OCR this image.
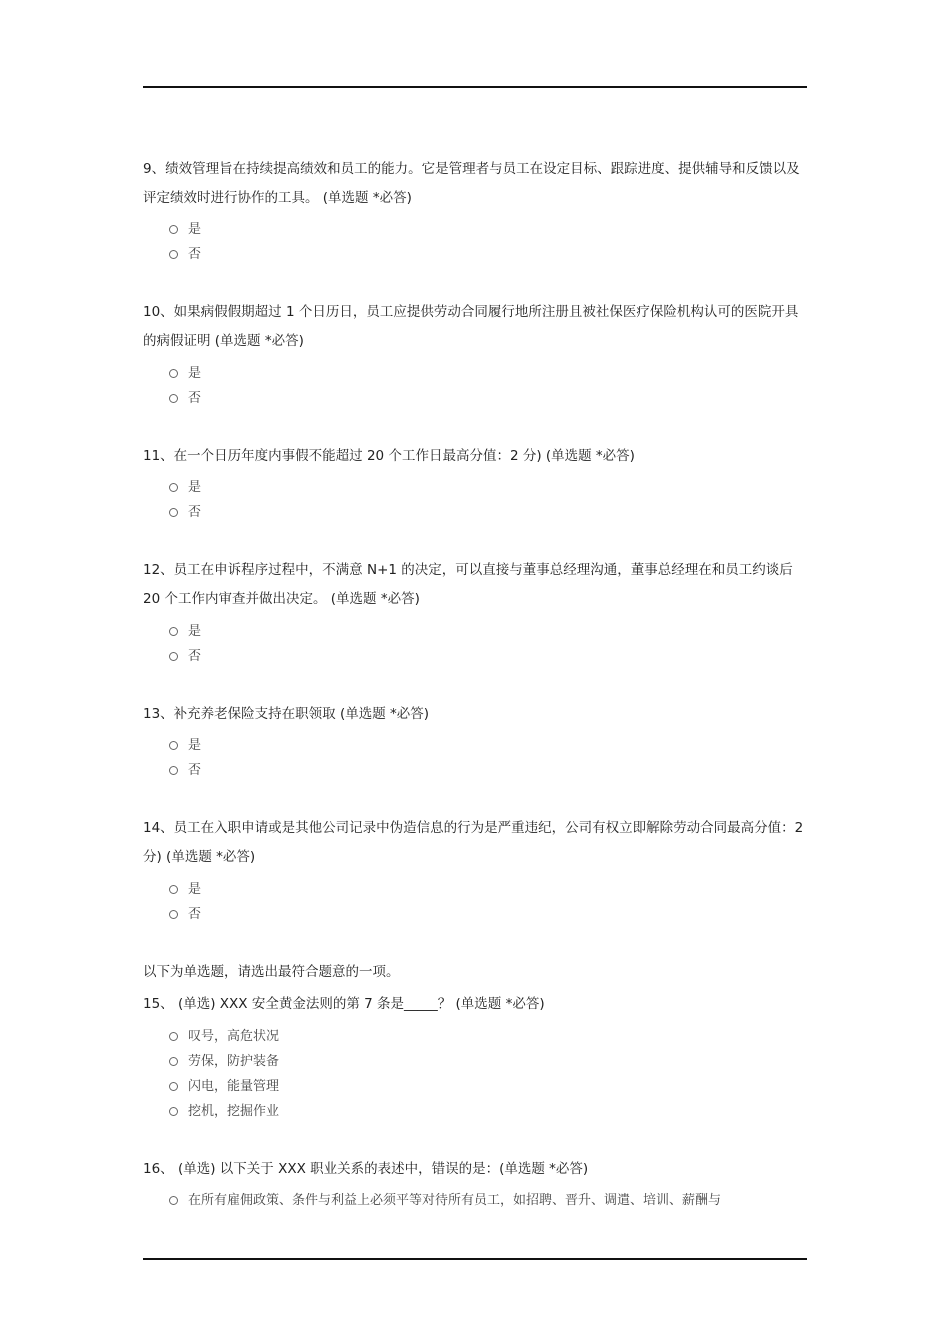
9、绩效管理旨在持续提高绩效和员工的能力。它是管理者与员工在设定目标、跟踪进度、提供辅导和反馈以及评定绩效时进行协作的工具。 (单选题 *必答)
是
否
10、如果病假假期超过 1 个日历日，员工应提供劳动合同履行地所注册且被社保医疗保险机构认可的医院开具的病假证明 (单选题 *必答)
是
否
11、在一个日历年度内事假不能超过 20 个工作日最高分值：2 分) (单选题 *必答)
是
否
12、员工在申诉程序过程中，不满意 N+1 的决定，可以直接与董事总经理沟通，董事总经理在和员工约谈后 20 个工作内审查并做出决定。 (单选题 *必答)
是
否
13、补充养老保险支持在职领取 (单选题 *必答)
是
否
14、员工在入职申请或是其他公司记录中伪造信息的行为是严重违纪，公司有权立即解除劳动合同最高分值：2 分) (单选题 *必答)
是
否
以下为单选题，请选出最符合题意的一项。
15、 (单选) XXX 安全黄金法则的第 7 条是_____？ (单选题 *必答)
叹号，高危状况
劳保，防护装备
闪电，能量管理
挖机，挖掘作业
16、 (单选) 以下关于 XXX 职业关系的表述中，错误的是：(单选题 *必答)
在所有雇佣政策、条件与利益上必须平等对待所有员工，如招聘、晋升、调遣、培训、薪酬与
